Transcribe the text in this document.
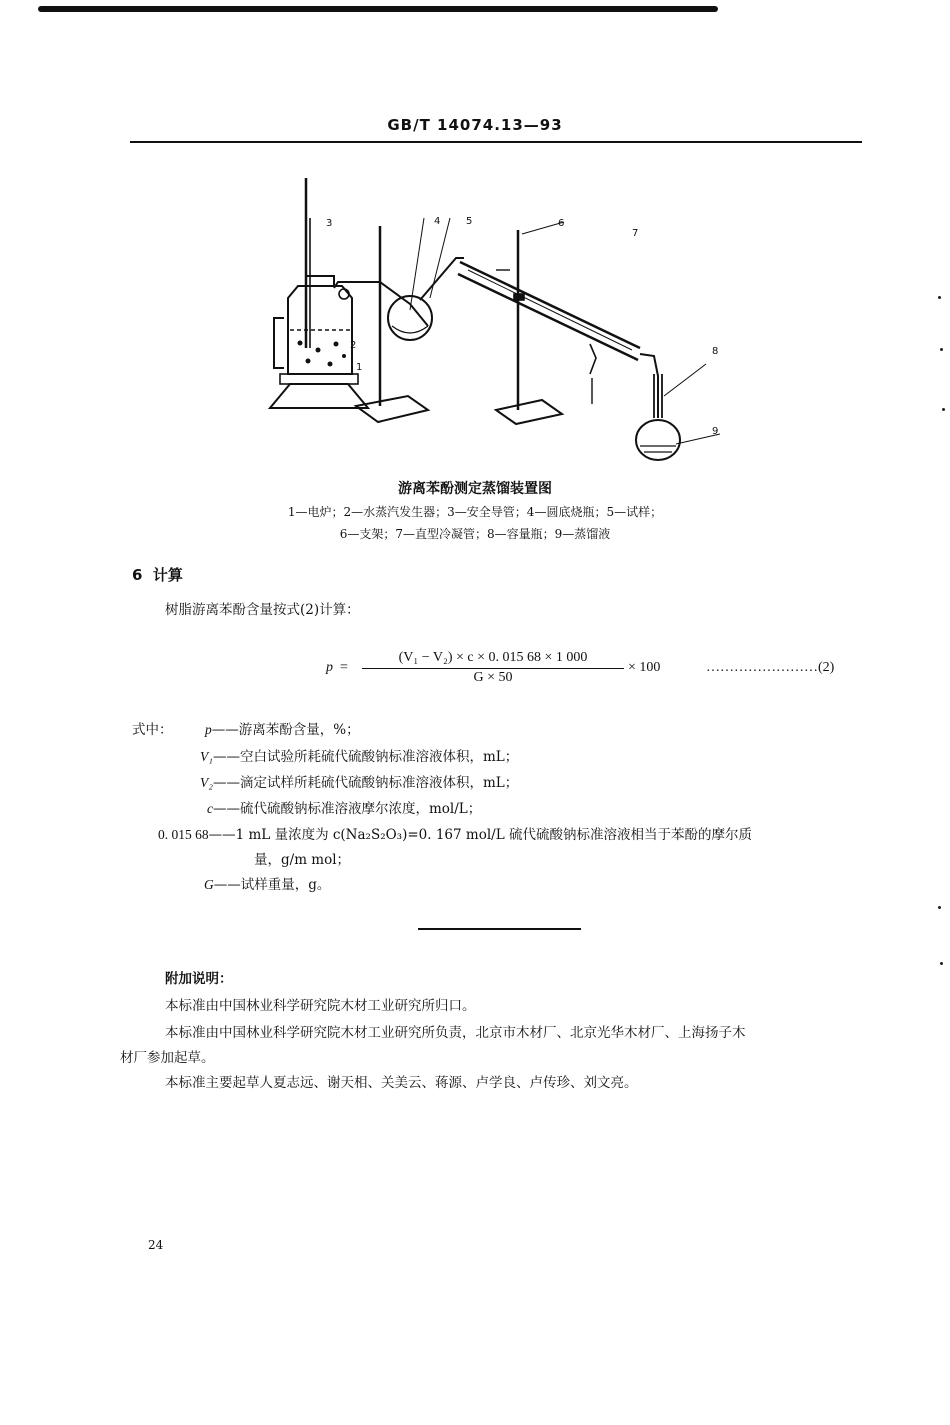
GB/T 14074.13—93
3
2
1
4	5	6
7
8
9
游离苯酚测定蒸馏装置图
1—电炉；2—水蒸汽发生器；3—安全导管；4—圆底烧瓶；5—试样；
6—支架；7—直型冷凝管；8—容量瓶；9—蒸馏液
6 计算
树脂游离苯酚含量按式(2)计算：
p =
(V₁ − V₂) × c × 0. 015 68 × 1 000
G × 50
× 100	……………………(2)
式中： p——游离苯酚含量，%；
V₁——空白试验所耗硫代硫酸钠标准溶液体积，mL；
V₂——滴定试样所耗硫代硫酸钠标准溶液体积，mL；
c——硫代硫酸钠标准溶液摩尔浓度，mol/L；
0. 015 68——1 mL 量浓度为 c(Na₂S₂O₃)=0. 167 mol/L 硫代硫酸钠标准溶液相当于苯酚的摩尔质
量，g/m mol；
G——试样重量，g。
附加说明：
本标准由中国林业科学研究院木材工业研究所归口。
本标准由中国林业科学研究院木材工业研究所负责，北京市木材厂、北京光华木材厂、上海扬子木
材厂参加起草。
本标准主要起草人夏志远、谢天相、关美云、蒋源、卢学良、卢传珍、刘文亮。
24
